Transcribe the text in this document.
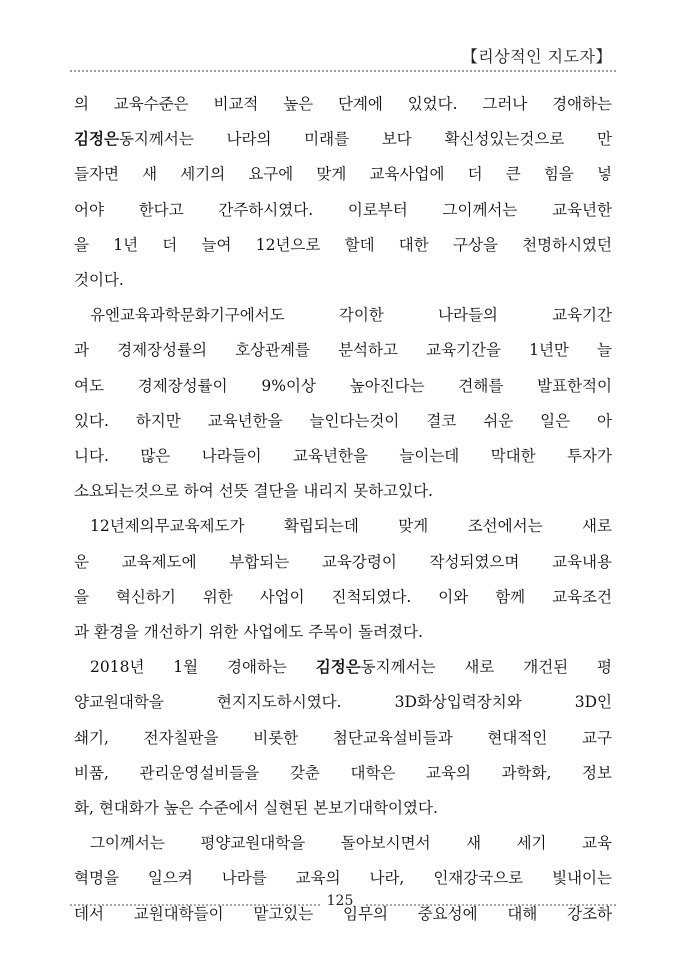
【리상적인 지도자】
의 교육수준은 비교적 높은 단계에 있었다. 그러나 경애하는
김정은동지께서는 나라의 미래를 보다 확신성있는것으로 만
들자면 새 세기의 요구에 맞게 교육사업에 더 큰 힘을 넣
어야 한다고 간주하시였다. 이로부터 그이께서는 교육년한
을 1년 더 늘여 12년으로 할데 대한 구상을 천명하시였던
것이다.
유엔교육과학문화기구에서도 각이한 나라들의 교육기간
과 경제장성률의 호상관계를 분석하고 교육기간을 1년만 늘
여도 경제장성률이 9%이상 높아진다는 견해를 발표한적이
있다. 하지만 교육년한을 늘인다는것이 결코 쉬운 일은 아
니다. 많은 나라들이 교육년한을 늘이는데 막대한 투자가
소요되는것으로 하여 선뜻 결단을 내리지 못하고있다.
12년제의무교육제도가 확립되는데 맞게 조선에서는 새로
운 교육제도에 부합되는 교육강령이 작성되였으며 교육내용
을 혁신하기 위한 사업이 진척되였다. 이와 함께 교육조건
과 환경을 개선하기 위한 사업에도 주목이 돌려졌다.
2018년 1월 경애하는 김정은동지께서는 새로 개건된 평
양교원대학을 현지지도하시였다. 3D화상입력장치와 3D인
쇄기, 전자칠판을 비롯한 첨단교육설비들과 현대적인 교구
비품, 관리운영설비들을 갖춘 대학은 교육의 과학화, 정보
화, 현대화가 높은 수준에서 실현된 본보기대학이였다.
그이께서는 평양교원대학을 돌아보시면서 새 세기 교육
혁명을 일으켜 나라를 교육의 나라, 인재강국으로 빛내이는
데서 교원대학들이 맡고있는 임무의 중요성에 대해 강조하
125
